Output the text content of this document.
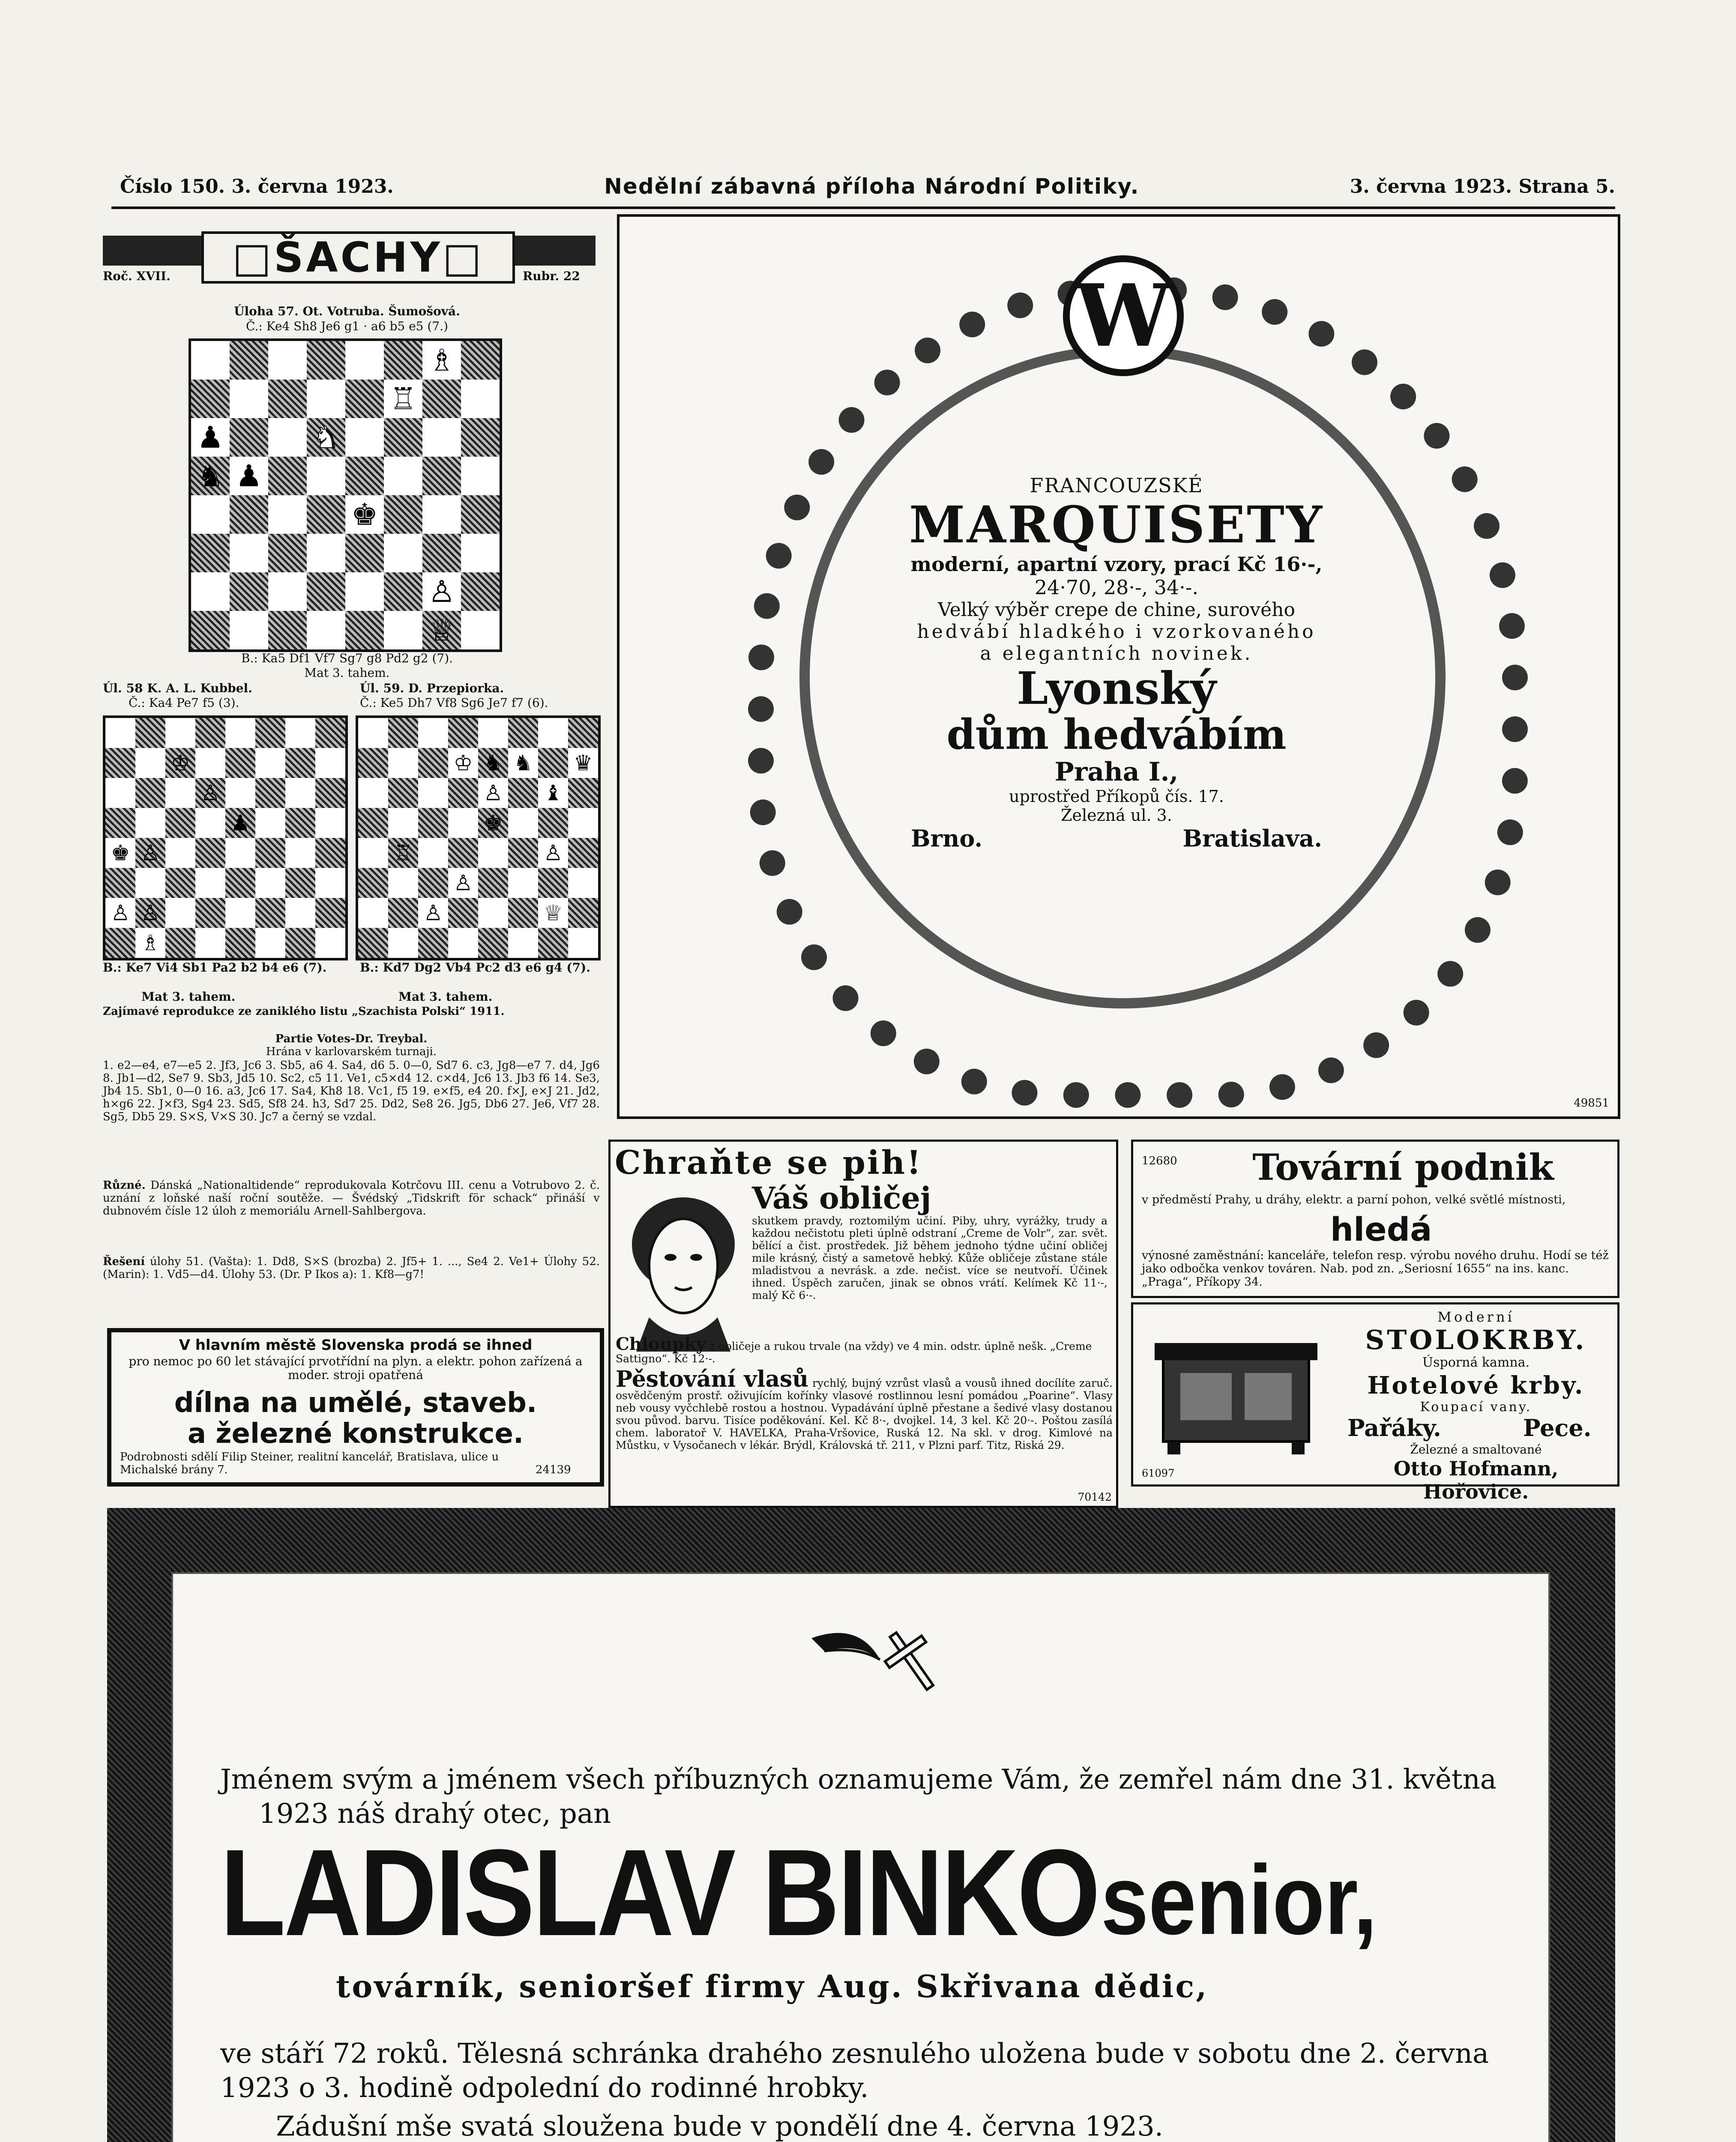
Číslo 150. 3. června 1923.	Nedělní zábavná příloha Národní Politiky.	3. června 1923. Strana 5.
□ŠACHY□
Roč. XVII.	Rubr. 22
Úloha 57. Ot. Votruba. Šumošová.
Č.: Ke4 Sh8 Je6 g1 · a6 b5 e5 (7.)
♗
♖
♟	♞
♞ ♟
♚
♙
♕
B.: Ka5 Df1 Vf7 Sg7 g8 Pd2 g2 (7).
Mat 3. tahem.
Úl. 58 K. A. L. Kubbel.
Č.: Ka4 Pe7 f5 (3).
Úl. 59. D. Przepiorka.
Č.: Ke5 Dh7 Vf8 Sg6 Je7 f7 (6).
♔
♙
♟
♚ ♙
♙ ♙
♗
♔ ♞ ♞ ♛
♙ ♝
♚
♖	♙
♙
♙	♕
B.: Ke7 Vi4 Sb1 Pa2 b2 b4 e6 (7).
Mat 3. tahem.
B.: Kd7 Dg2 Vb4 Pc2 d3 e6 g4 (7).
Mat 3. tahem.
Zajímavé reprodukce ze zaniklého listu „Szachista Polski“ 1911.
Partie Votes-Dr. Treybal.
Hrána v karlovarském turnaji.
1. e2—e4, e7—e5 2. Jf3, Jc6 3. Sb5, a6 4. Sa4, d6 5. 0—0, Sd7 6. c3, Jg8—e7 7. d4, Jg6 8. Jb1—d2, Se7 9. Sb3, Jd5 10. Sc2, c5 11. Ve1, c5×d4 12. c×d4, Jc6 13. Jb3 f6 14. Se3, Jb4 15. Sb1, 0—0 16. a3, Jc6 17. Sa4, Kh8 18. Vc1, f5 19. e×f5, e4 20. f×J, e×J 21. Jd2, h×g6 22. J×f3, Sg4 23. Sd5, Sf8 24. h3, Sd7 25. Dd2, Se8 26. Jg5, Db6 27. Je6, Vf7 28. Sg5, Db5 29. S×S, V×S 30. Jc7 a černý se vzdal.
Různé. Dánská „Nationaltidende“ reprodukovala Kotrčovu III. cenu a Votrubovo 2. č. uznání z loňské naší roční soutěže. — Švédský „Tidskrift för schack“ přináší v dubnovém čísle 12 úloh z memoriálu Arnell-Sahlbergova.
Řešení úlohy 51. (Vašta): 1. Dd8, S×S (brozba) 2. Jf5+ 1. ..., Se4 2. Ve1+ Úlohy 52. (Marin): 1. Vd5—d4. Úlohy 53. (Dr. P Ikos a): 1. Kf8—g7!
V hlavním městě Slovenska prodá se ihned
pro nemoc po 60 let stávající prvotřídní na plyn. a elektr. pohon zařízená a moder. stroji opatřená
dílna na umělé, staveb.
a železné konstrukce.
Podrobnosti sdělí Filip Steiner, realitní kancelář, Bratislava, ulice u Michalské brány 7.	24139
W
FRANCOUZSKÉ
MARQUISETY
moderní, apartní vzory, prací Kč 16·-,
24·70, 28·-, 34·-.
Velký výběr crepe de chine, surového
hedvábí hladkého i vzorkovaného
a elegantních novinek.
Lyonský
dům hedvábím
Praha I.,
uprostřed Příkopů čís. 17.
Železná ul. 3.
Brno.	Bratislava.
49851
Chraňte se pih!
Váš obličej
skutkem pravdy, roztomilým učiní. Piby, uhry, vyrážky, trudy a každou nečistotu pleti úplně odstraní „Creme de Volr“, zar. svět. bělící a čist. prostředek. Již během jednoho týdne učiní obličej mile krásný, čistý a sametově hebký. Kůže obličeje zůstane stále mladistvou a nevrásk. a zde. nečist. více se neutvoří. Účinek ihned. Úspěch zaručen, jinak se obnos vrátí. Kelímek Kč 11·-, malý Kč 6·-.
Chloupky z obličeje a rukou trvale (na vždy) ve 4 min. odstr. úplně nešk. „Creme Sattigno“. Kč 12·-.
Pěstování vlasů rychlý, bujný vzrůst vlasů a vousů ihned docílíte zaruč. osvědčeným prostř. oživujícím kořínky vlasové rostlinnou lesní pomádou „Poarine“. Vlasy neb vousy vyčchlebě rostou a hostnou. Vypadávání úplně přestane a šedivé vlasy dostanou svou původ. barvu. Tisíce poděkování. Kel. Kč 8·-, dvojkel. 14, 3 kel. Kč 20·-. Poštou zasílá chem. laboratoř V. HAVELKA, Praha-Vršovice, Ruská 12. Na skl. v drog. Kimlové na Můstku, v Vysočanech v lékár. Brýdl, Královská tř. 211, v Plzni parf. Titz, Riská 29.
70142
12680	Tovární podnik
v předměstí Prahy, u dráhy, elektr. a parní pohon, velké světlé místnosti,
hledá
výnosné zaměstnání: kanceláře, telefon resp. výrobu nového druhu. Hodí se též jako odbočka venkov továren. Nab. pod zn. „Seriosní 1655“ na ins. kanc. „Praga“, Příkopy 34.
61097
Moderní
STOLOKRBY.
Úsporná kamna.
Hotelové krby.
Koupací vany.
Pařáky.	Pece.
Železné a smaltované
Otto Hofmann, Hořovice.
Jménem svým a jménem všech příbuzných oznamujeme Vám, že zemřel nám dne 31. května
1923 náš drahý otec, pan
LADISLAV BINKO senior,
továrník, senioršef firmy Aug. Skřivana dědic,
ve stáří 72 roků. Tělesná schránka drahého zesnulého uložena bude v sobotu dne 2. června
1923 o 3. hodině odpolední do rodinné hrobky.
Zádušní mše svatá sloužena bude v pondělí dne 4. června 1923.
